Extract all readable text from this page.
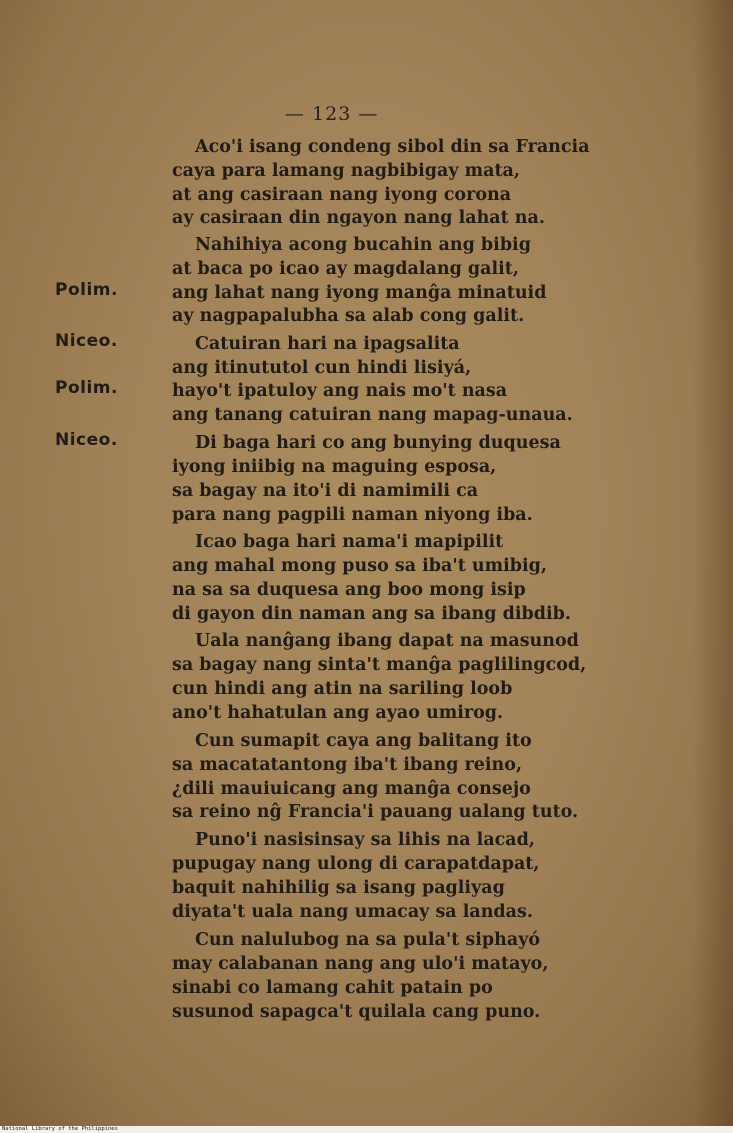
— 123 —
Polim.
Niceo.
Polim.
Niceo.
Aco'i isang condeng sibol din sa Francia
caya para lamang nagbibigay mata,
at ang casiraan nang iyong corona
ay casiraan din ngayon nang lahat na.
Nahihiya acong bucahin ang bibig
at baca po icao ay magdalang galit,
ang lahat nang iyong manĝa minatuid
ay nagpapalubha sa alab cong galit.
Catuiran hari na ipagsalita
ang itinututol cun hindi lisiyá,
hayo't ipatuloy ang nais mo't nasa
ang tanang catuiran nang mapag-unaua.
Di baga hari co ang bunying duquesa
iyong iniibig na maguing esposa,
sa bagay na ito'i di namimili ca
para nang pagpili naman niyong iba.
Icao baga hari nama'i mapipilit
ang mahal mong puso sa iba't umibig,
na sa sa duquesa ang boo mong isip
di gayon din naman ang sa ibang dibdib.
Uala nanĝang ibang dapat na masunod
sa bagay nang sinta't manĝa paglilingcod,
cun hindi ang atin na sariling loob
ano't hahatulan ang ayao umirog.
Cun sumapit caya ang balitang ito
sa macatatantong iba't ibang reino,
¿dili mauiuicang ang manĝa consejo
sa reino nĝ Francia'i pauang ualang tuto.
Puno'i nasisinsay sa lihis na lacad,
pupugay nang ulong di carapatdapat,
baquit nahihilig sa isang pagliyag
diyata't uala nang umacay sa landas.
Cun nalulubog na sa pula't siphayó
may calabanan nang ang ulo'i matayo,
sinabi co lamang cahit patain po
susunod sapagca't quilala cang puno.
National Library of the Philippines
